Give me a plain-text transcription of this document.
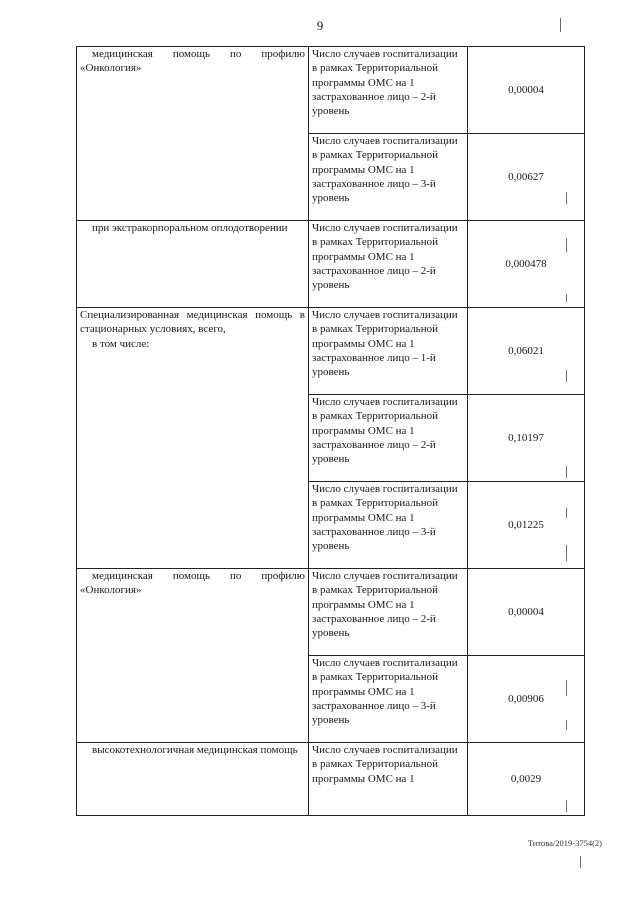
9
медицинская помощь по профилю «Онкология»	Число случаев госпитализации в рамках Территориальной программы ОМС на 1 застрахованное лицо – 2-й уровень	0,00004
	Число случаев госпитализации в рамках Территориальной программы ОМС на 1 застрахованное лицо – 3-й уровень	0,00627

при экстракорпоральном оплодотворении	Число случаев госпитализации в рамках Территориальной программы ОМС на 1 застрахованное лицо – 2-й уровень	0,000478

Специализированная медицинская помощь в стационарных условиях, всего,
в том числе:	Число случаев госпитализации в рамках Территориальной программы ОМС на 1 застрахованное лицо – 1-й уровень	0,06021
	Число случаев госпитализации в рамках Территориальной программы ОМС на 1 застрахованное лицо – 2-й уровень	0,10197
	Число случаев госпитализации в рамках Территориальной программы ОМС на 1 застрахованное лицо – 3-й уровень	0,01225

медицинская помощь по профилю «Онкология»	Число случаев госпитализации в рамках Территориальной программы ОМС на 1 застрахованное лицо – 2-й уровень	0,00004
	Число случаев госпитализации в рамках Территориальной программы ОМС на 1 застрахованное лицо – 3-й уровень	0,00906

высокотехнологичная медицинская помощь	Число случаев госпитализации в рамках Территориальной программы ОМС на 1	0,0029
Титова/2019-3754(2)
